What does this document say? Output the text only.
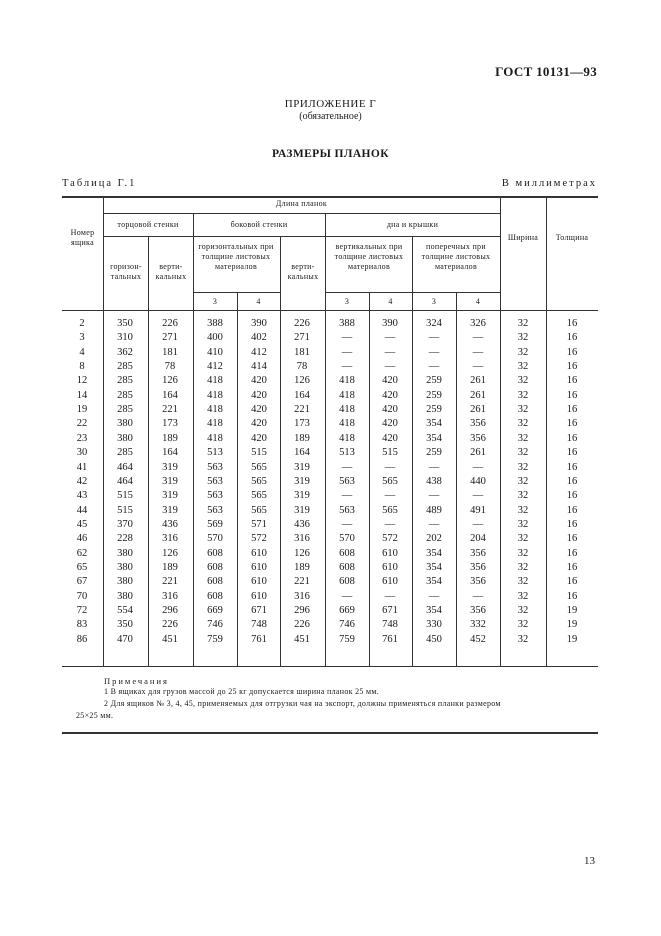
ГОСТ 10131—93
ПРИЛОЖЕНИЕ Г
(обязательное)
РАЗМЕРЫ ПЛАНОК
Таблица Г.1	В миллиметрах
Номер ящика
Длина планок
торцовой стенки	боковой стенки	дна и крышки
горизон-тальных
верти-кальных
горизонтальных при толщине листовых материалов	верти-кальных
вертикальных при толщине листовых материалов
поперечных при толщине листовых материалов
Ширина	Толщина
3	4	3	4	3	4
2	350	226	388	390	226	388	390	324	326	32	16
3	310	271	400	402	271	—	—	—	—	32	16
4	362	181	410	412	181	—	—	—	—	32	16
8	285	78	412	414	78	—	—	—	—	32	16
12	285	126	418	420	126	418	420	259	261	32	16
14	285	164	418	420	164	418	420	259	261	32	16
19	285	221	418	420	221	418	420	259	261	32	16
22	380	173	418	420	173	418	420	354	356	32	16
23	380	189	418	420	189	418	420	354	356	32	16
30	285	164	513	515	164	513	515	259	261	32	16
41	464	319	563	565	319	—	—	—	—	32	16
42	464	319	563	565	319	563	565	438	440	32	16
43	515	319	563	565	319	—	—	—	—	32	16
44	515	319	563	565	319	563	565	489	491	32	16
45	370	436	569	571	436	—	—	—	—	32	16
46	228	316	570	572	316	570	572	202	204	32	16
62	380	126	608	610	126	608	610	354	356	32	16
65	380	189	608	610	189	608	610	354	356	32	16
67	380	221	608	610	221	608	610	354	356	32	16
70	380	316	608	610	316	—	—	—	—	32	16
72	554	296	669	671	296	669	671	354	356	32	19
83	350	226	746	748	226	746	748	330	332	32	19
86	470	451	759	761	451	759	761	450	452	32	19
Примечания
1 В ящиках для грузов массой до 25 кг допускается ширина планок 25 мм.
2 Для ящиков № 3, 4, 45, применяемых для отгрузки чая на экспорт, должны применяться планки размером
25×25 мм.
13
